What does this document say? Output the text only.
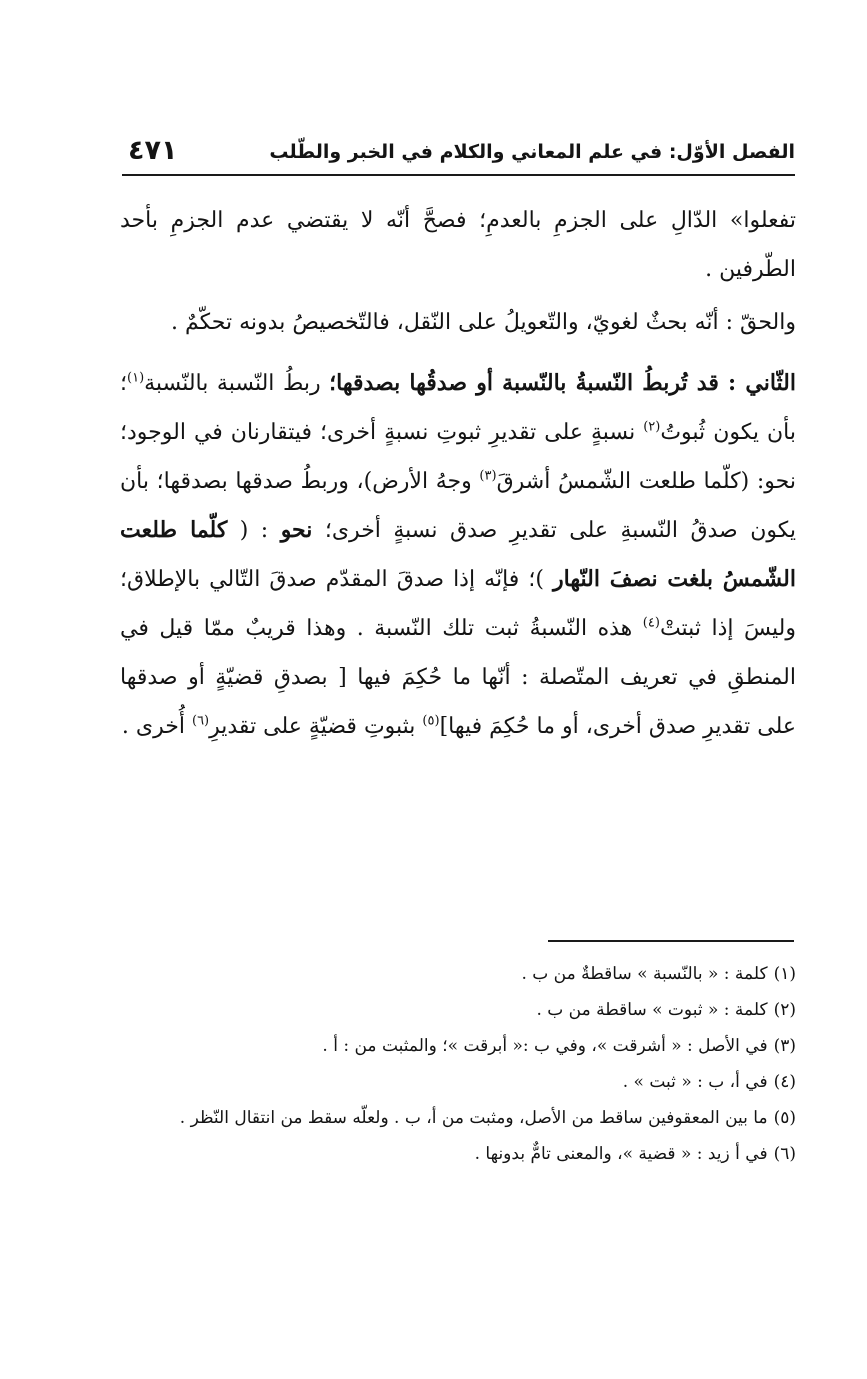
الفصل الأوّل: في علم المعاني والكلام في الخبر والطّلب
٤٧١

تفعلوا» الدّالِ على الجزمِ بالعدمِ؛ فصحَّ أنّه لا يقتضي عدم الجزمِ بأحد الطّرفين .

والحقّ : أنّه بحثٌ لغويّ، والتّعويلُ على النّقل، فالتّخصيصُ بدونه تحكّمٌ .

الثّاني : قد تُربطُ النّسبةُ بالنّسبة أو صدقُها بصدقها؛ ربطُ النّسبة بالنّسبة$^{(١)}$؛ بأن يكون ثُبوتُ$^{(٢)}$ نسبةٍ على تقديرِ ثبوتِ نسبةٍ أخرى؛ فيتقارنان في الوجود؛ نحو: (كلّما طلعت الشّمسُ أشرقَ$^{(٣)}$ وجهُ الأرض)، وربطُ صدقها بصدقها؛ بأن يكون صدقُ النّسبةِ على تقديرِ صدق نسبةٍ أخرى؛ نحو : ( كلّما طلعت الشّمسُ بلغت نصفَ النّهار )؛ فإنّه إذا صدقَ المقدّم صدقَ التّالي بالإطلاق؛ وليسَ إذا ثبتتْ$^{(٤)}$ هذه النّسبةُ ثبت تلك النّسبة . وهذا قريبٌ ممّا قيل في المنطقِ في تعريف المتّصلة : أنّها ما حُكِمَ فيها [ بصدقِ قضيّةٍ أو صدقها على تقديرِ صدق أخرى، أو ما حُكِمَ فيها]$^{(٥)}$ بثبوتِ قضيّةٍ على تقديرِ$^{(٦)}$ أُخرى .

(١)كلمة : « بالنّسبة » ساقطةٌ من ب .

(٢)كلمة : « ثبوت » ساقطة من ب .

(٣)في الأصل : « أشرقت »، وفي ب :« أبرقت »؛ والمثبت من : أ .

(٤)في أ، ب : « ثبت » .

(٥)ما بين المعقوفين ساقط من الأصل، ومثبت من أ، ب . ولعلّه سقط من انتقال النّظر .

(٦)في أ زيد : « قضية »، والمعنى تامٌّ بدونها .
